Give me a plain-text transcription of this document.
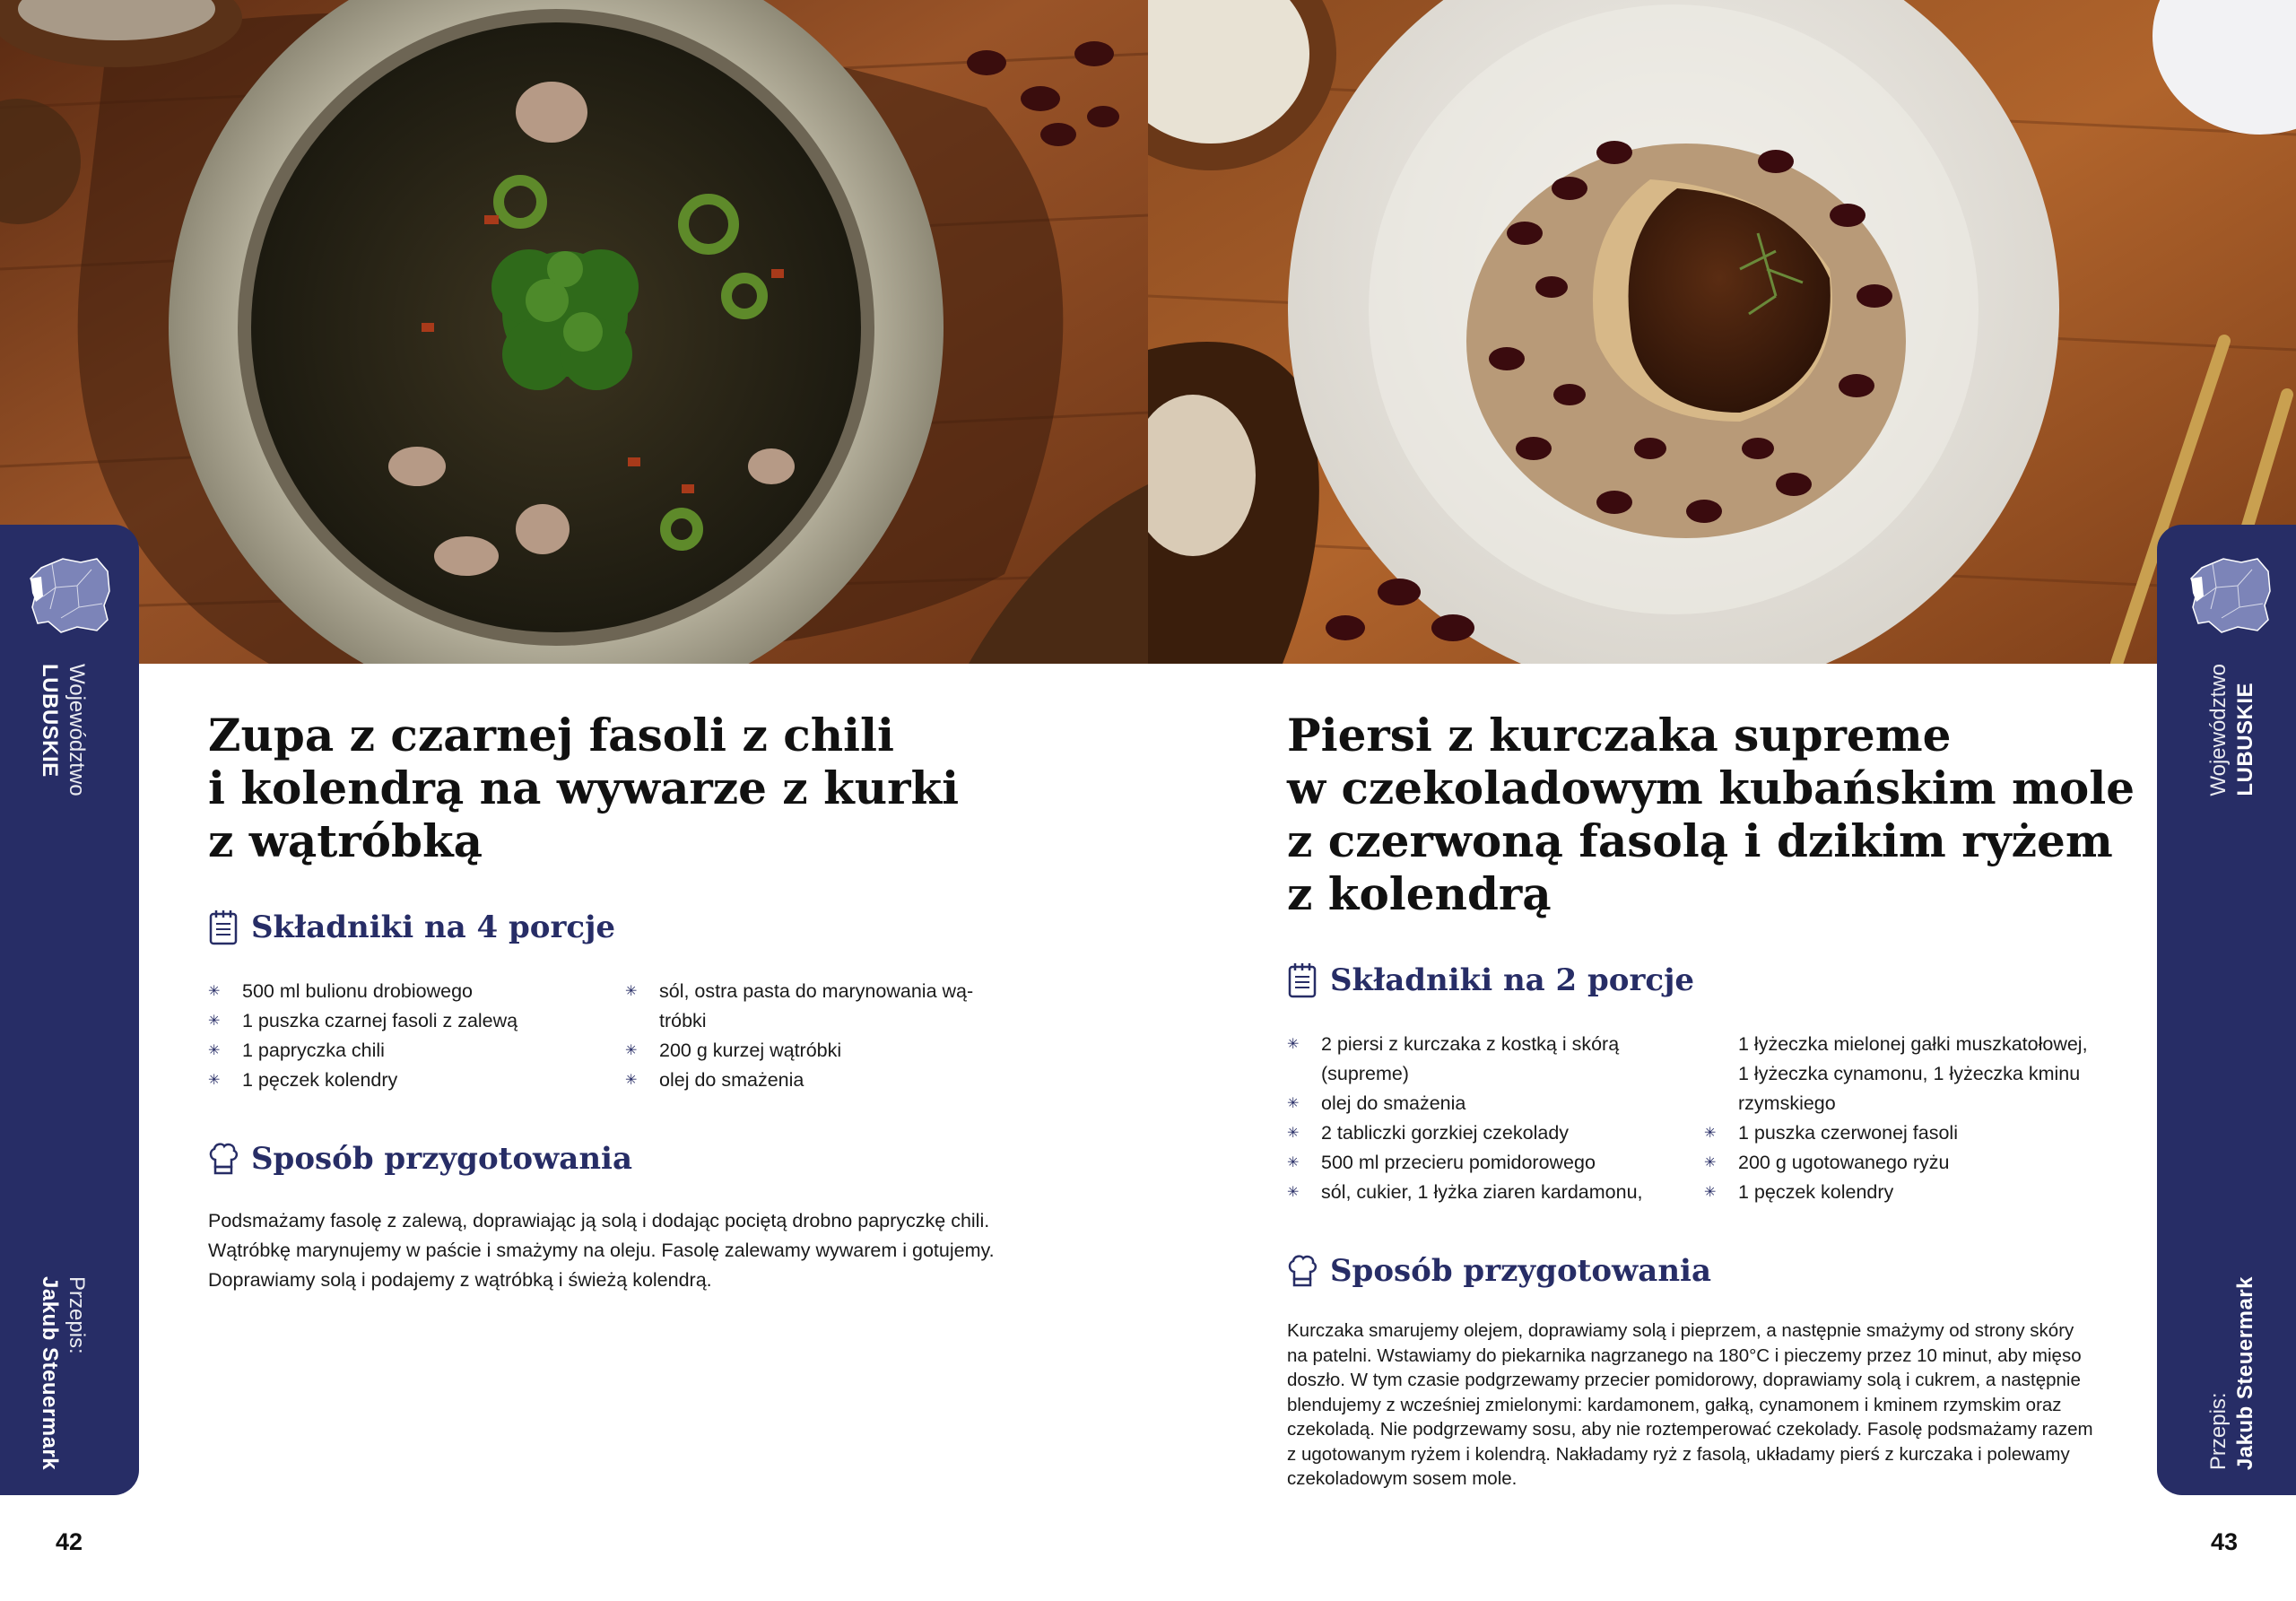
Województwo
LUBUSKIE
Przepis:
Jakub Steuermark
Województwo LUBUSKIE
Przepis: Jakub Steuermark
Zupa z czarnej fasoli z chili
i kolendrą na wywarze z kurki
z wątróbką
Składniki na 4 porcje
✳ 500 ml bulionu drobiowego
✳ 1 puszka czarnej fasoli z zalewą
✳ 1 papryczka chili
✳ 1 pęczek kolendry
✳ sól, ostra pasta do marynowania wą-
tróbki
✳ 200 g kurzej wątróbki
✳ olej do smażenia
Sposób przygotowania

Podsmażamy fasolę z zalewą, doprawiając ją solą i dodając pociętą drobno papryczkę chili. Wątróbkę marynujemy w paście i smażymy na oleju. Fasolę zalewamy wywarem i gotujemy. Doprawiamy solą i podajemy z wątróbką i świeżą kolendrą.

Piersi z kurczaka supreme
w czekoladowym kubańskim mole
z czerwoną fasolą i dzikim ryżem
z kolendrą
Składniki na 2 porcje
✳ 2 piersi z kurczaka z kostką i skórą
(supreme)
✳ olej do smażenia
✳ 2 tabliczki gorzkiej czekolady
✳ 500 ml przecieru pomidorowego
✳ sól, cukier, 1 łyżka ziaren kardamonu,
1 łyżeczka mielonej gałki muszkatołowej,
1 łyżeczka cynamonu, 1 łyżeczka kminu
rzymskiego
✳ 1 puszka czerwonej fasoli
✳ 200 g ugotowanego ryżu
✳ 1 pęczek kolendry
Sposób przygotowania

Kurczaka smarujemy olejem, doprawiamy solą i pieprzem, a następnie smażymy od strony skóry na patelni. Wstawiamy do piekarnika nagrzanego na 180°C i pieczemy przez 10 minut, aby mięso doszło. W tym czasie podgrzewamy przecier pomidorowy, doprawiamy solą i cukrem, a następnie blendujemy z wcześniej zmielonymi: kardamonem, gałką, cynamonem i kminem rzymskim oraz czekoladą. Nie podgrzewamy sosu, aby nie roztemperować czekolady. Fasolę podsmażamy razem z ugotowanym ryżem i kolendrą. Nakładamy ryż z fasolą, układamy pierś z kurczaka i polewamy czekoladowym sosem mole.

42	43
